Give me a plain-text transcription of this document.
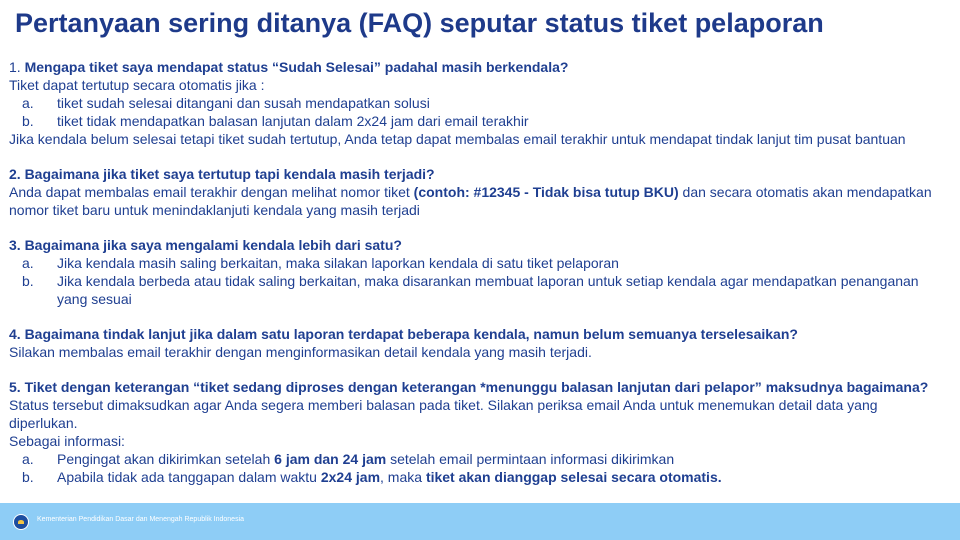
Pertanyaan sering ditanya (FAQ) seputar status tiket pelaporan
1. Mengapa tiket saya mendapat status “Sudah Selesai” padahal masih berkendala?
Tiket dapat tertutup secara otomatis jika :
a. tiket sudah selesai ditangani dan susah mendapatkan solusi
b. tiket tidak mendapatkan balasan lanjutan dalam 2x24 jam dari email terakhir
Jika kendala belum selesai tetapi tiket sudah tertutup, Anda tetap dapat membalas email terakhir untuk mendapat tindak lanjut tim pusat bantuan
2. Bagaimana jika tiket saya tertutup tapi kendala masih terjadi?
Anda dapat membalas email terakhir dengan melihat nomor tiket (contoh: #12345 - Tidak bisa tutup BKU) dan secara otomatis akan mendapatkan nomor tiket baru untuk menindaklanjuti kendala yang masih terjadi
3. Bagaimana jika saya mengalami kendala lebih dari satu?
a. Jika kendala masih saling berkaitan, maka silakan laporkan kendala di satu tiket pelaporan
b. Jika kendala berbeda atau tidak saling berkaitan, maka disarankan membuat laporan untuk setiap kendala agar mendapatkan penanganan yang sesuai
4. Bagaimana tindak lanjut jika dalam satu laporan terdapat beberapa kendala, namun belum semuanya terselesaikan?
Silakan membalas email terakhir dengan menginformasikan detail kendala yang masih terjadi.
5. Tiket dengan keterangan “tiket sedang diproses dengan keterangan *menunggu balasan lanjutan dari pelapor” maksudnya bagaimana?
Status tersebut dimaksudkan agar Anda segera memberi balasan pada tiket. Silakan periksa email Anda untuk menemukan detail data yang diperlukan.
Sebagai informasi:
a. Pengingat akan dikirimkan setelah 6 jam dan 24 jam setelah email permintaan informasi dikirimkan
b. Apabila tidak ada tanggapan dalam waktu 2x24 jam, maka tiket akan dianggap selesai secara otomatis.
Kementerian Pendidikan Dasar dan Menengah Republik Indonesia
